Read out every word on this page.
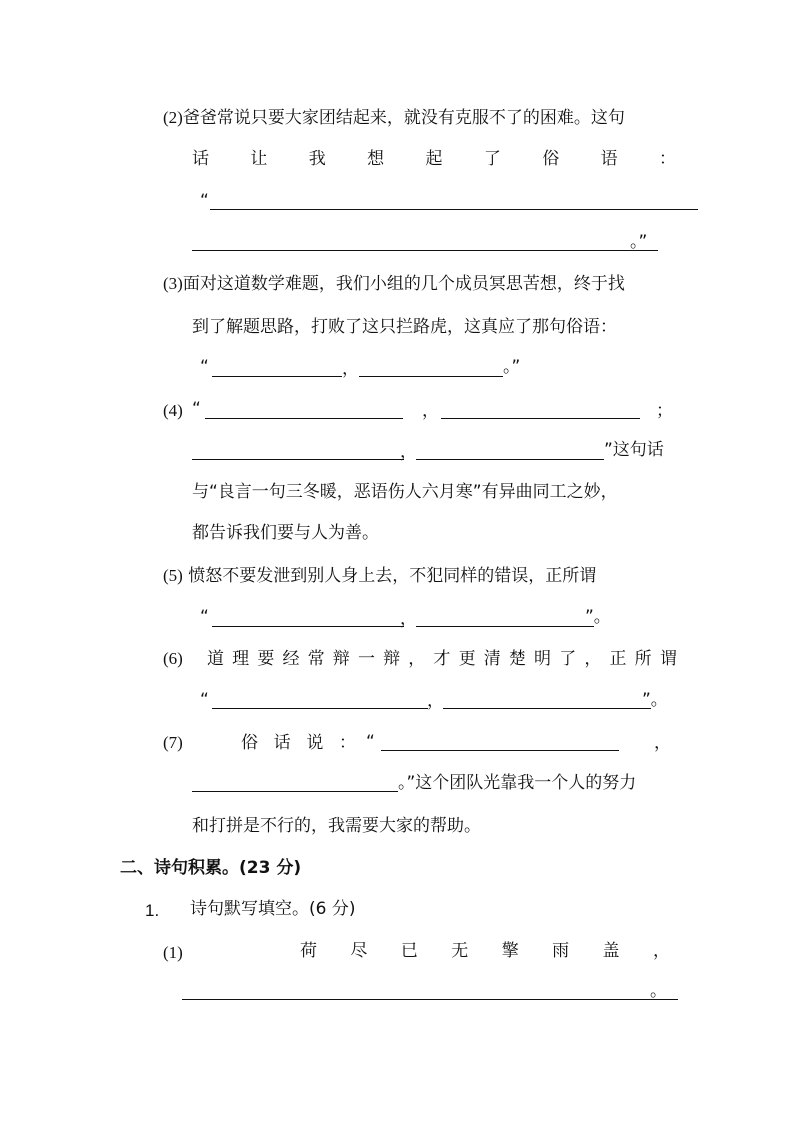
(2)爸爸常说只要大家团结起来，就没有克服不了的困难。这句
话 让 我 想 起 了 俗 语 ：
“
。”
(3)面对这道数学难题，我们小组的几个成员冥思苦想，终于找
到了解题思路，打败了这只拦路虎，这真应了那句俗语：
“	，	。”
(4) “	，	；
，	”这句话
与“良言一句三冬暖，恶语伤人六月寒”有异曲同工之妙，
都告诉我们要与人为善。
(5) 愤怒不要发泄到别人身上去，不犯同样的错误，正所谓
“	，	”。
(6) 道 理 要 经 常 辩 一 辩 ， 才 更 清 楚 明 了 ， 正 所 谓
“	，	”。
(7)	俗 话 说 ： “	，
。”这个团队光靠我一个人的努力
和打拼是不行的，我需要大家的帮助。
二、诗句积累。(23 分)
1. 诗句默写填空。(6 分)
(1)	荷 尽 已 无 擎 雨 盖 ，
。
